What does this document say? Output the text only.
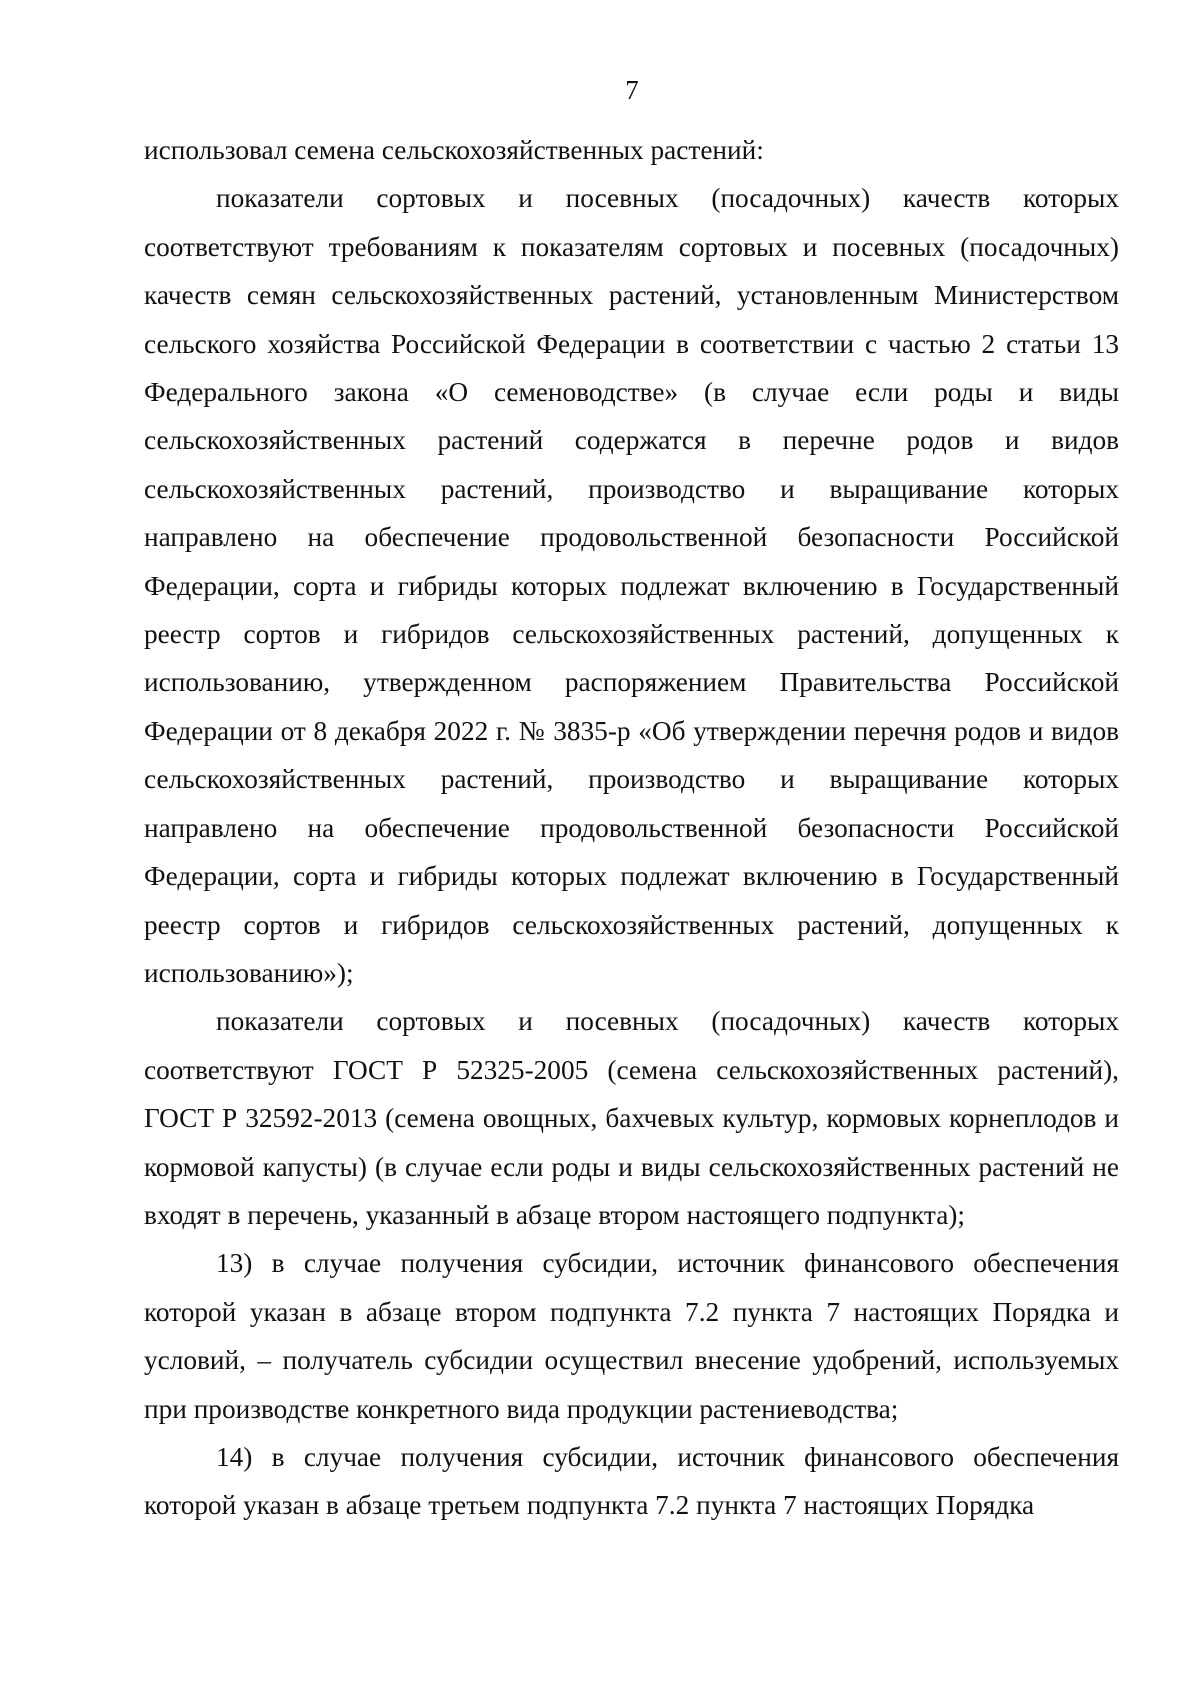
7

использовал семена сельскохозяйственных растений:

показатели сортовых и посевных (посадочных) качеств которых соответствуют требованиям к показателям сортовых и посевных (посадочных) качеств семян сельскохозяйственных растений, установленным Министерством сельского хозяйства Российской Федерации в соответствии с частью 2 статьи 13 Федерального закона «О семеноводстве» (в случае если роды и виды сельскохозяйственных растений содержатся в перечне родов и видов сельскохозяйственных растений, производство и выращивание которых направлено на обеспечение продовольственной безопасности Российской Федерации, сорта и гибриды которых подлежат включению в Государственный реестр сортов и гибридов сельскохозяйственных растений, допущенных к использованию, утвержденном распоряжением Правительства Российской Федерации от 8 декабря 2022 г. № 3835-р «Об утверждении перечня родов и видов сельскохозяйственных растений, производство и выращивание которых направлено на обеспечение продовольственной безопасности Российской Федерации, сорта и гибриды которых подлежат включению в Государственный реестр сортов и гибридов сельскохозяйственных растений, допущенных к использованию»);

показатели сортовых и посевных (посадочных) качеств которых соответствуют ГОСТ Р 52325-2005 (семена сельскохозяйственных растений), ГОСТ Р 32592-2013 (семена овощных, бахчевых культур, кормовых корнеплодов и кормовой капусты) (в случае если роды и виды сельскохозяйственных растений не входят в перечень, указанный в абзаце втором настоящего подпункта);

13) в случае получения субсидии, источник финансового обеспечения которой указан в абзаце втором подпункта 7.2 пункта 7 настоящих Порядка и условий, – получатель субсидии осуществил внесение удобрений, используемых при производстве конкретного вида продукции растениеводства;

14) в случае получения субсидии, источник финансового обеспечения которой указан в абзаце третьем подпункта 7.2 пункта 7 настоящих Порядка
